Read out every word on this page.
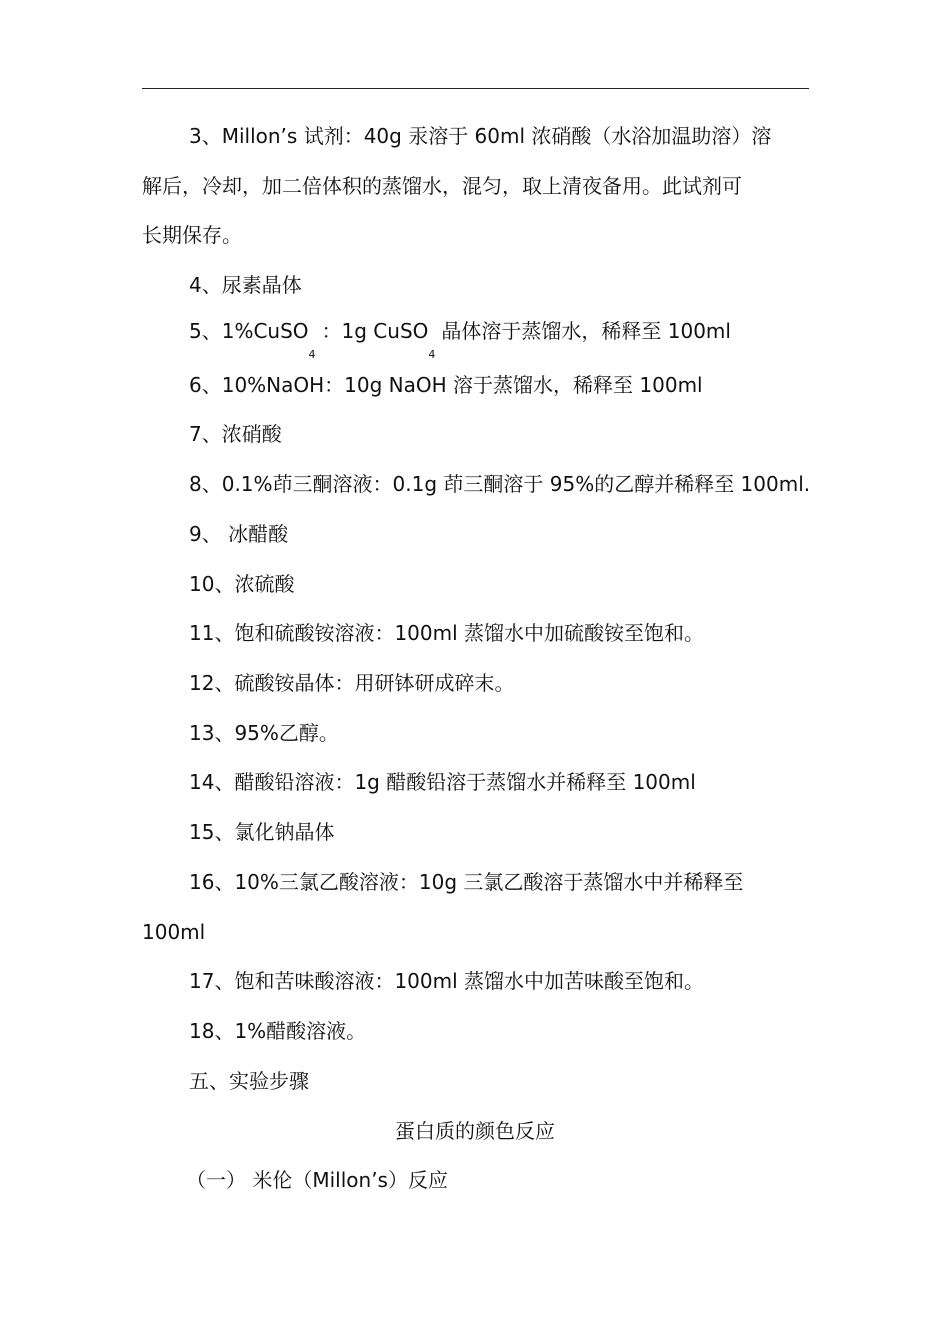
3、Millon’s 试剂：40g 汞溶于 60ml 浓硝酸（水浴加温助溶）溶
解后，冷却，加二倍体积的蒸馏水，混匀，取上清夜备用。此试剂可
长期保存。
4、尿素晶体
5、1%CuSO$_4$：1g CuSO$_4$晶体溶于蒸馏水，稀释至 100ml
6、10%NaOH：10g NaOH 溶于蒸馏水，稀释至 100ml
7、浓硝酸
8、0.1%茚三酮溶液：0.1g 茚三酮溶于 95%的乙醇并稀释至 100ml.
9、 冰醋酸
10、浓硫酸
11、饱和硫酸铵溶液：100ml 蒸馏水中加硫酸铵至饱和。
12、硫酸铵晶体：用研钵研成碎末。
13、95%乙醇。
14、醋酸铅溶液：1g 醋酸铅溶于蒸馏水并稀释至 100ml
15、氯化钠晶体
16、10%三氯乙酸溶液：10g 三氯乙酸溶于蒸馏水中并稀释至
100ml
17、饱和苦味酸溶液：100ml 蒸馏水中加苦味酸至饱和。
18、1%醋酸溶液。
五、实验步骤
蛋白质的颜色反应
（一） 米伦（Millon’s）反应
